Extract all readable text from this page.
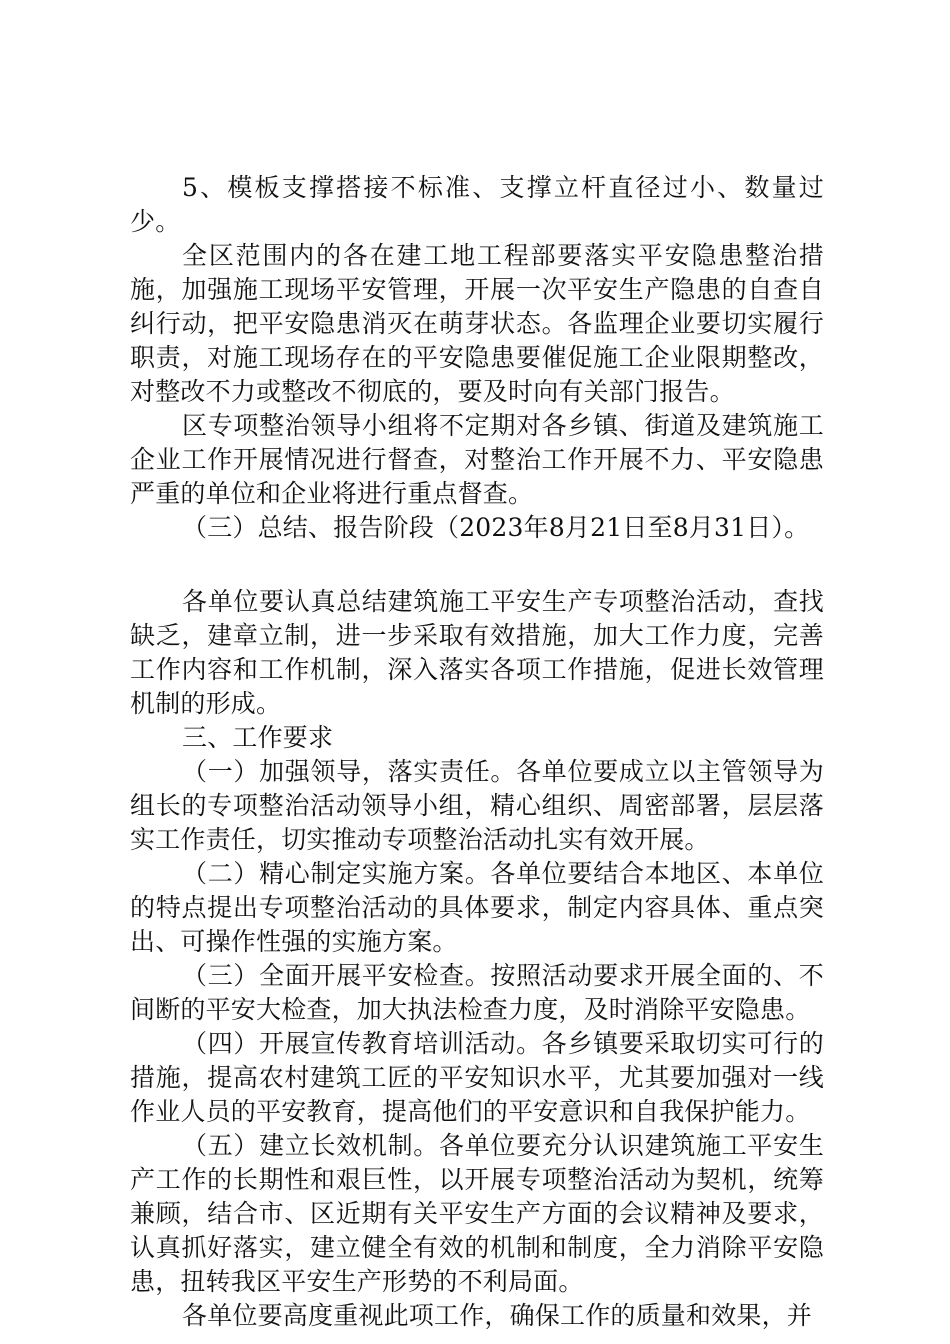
5、模板支撑搭接不标准、支撑立杆直径过小、数量过少。

全区范围内的各在建工地工程部要落实平安隐患整治措施，加强施工现场平安管理，开展一次平安生产隐患的自查自纠行动，把平安隐患消灭在萌芽状态。各监理企业要切实履行职责，对施工现场存在的平安隐患要催促施工企业限期整改，对整改不力或整改不彻底的，要及时向有关部门报告。

区专项整治领导小组将不定期对各乡镇、街道及建筑施工企业工作开展情况进行督查，对整治工作开展不力、平安隐患严重的单位和企业将进行重点督查。

（三）总结、报告阶段（2023年8月21日至8月31日）。

各单位要认真总结建筑施工平安生产专项整治活动，查找缺乏，建章立制，进一步采取有效措施，加大工作力度，完善工作内容和工作机制，深入落实各项工作措施，促进长效管理机制的形成。

三、工作要求

（一）加强领导，落实责任。各单位要成立以主管领导为组长的专项整治活动领导小组，精心组织、周密部署，层层落实工作责任，切实推动专项整治活动扎实有效开展。

（二）精心制定实施方案。各单位要结合本地区、本单位的特点提出专项整治活动的具体要求，制定内容具体、重点突出、可操作性强的实施方案。

（三）全面开展平安检查。按照活动要求开展全面的、不间断的平安大检查，加大执法检查力度，及时消除平安隐患。

（四）开展宣传教育培训活动。各乡镇要采取切实可行的措施，提高农村建筑工匠的平安知识水平，尤其要加强对一线作业人员的平安教育，提高他们的平安意识和自我保护能力。

（五）建立长效机制。各单位要充分认识建筑施工平安生产工作的长期性和艰巨性，以开展专项整治活动为契机，统筹兼顾，结合市、区近期有关平安生产方面的会议精神及要求，认真抓好落实，建立健全有效的机制和制度，全力消除平安隐患，扭转我区平安生产形势的不利局面。

各单位要高度重视此项工作，确保工作的质量和效果，并
